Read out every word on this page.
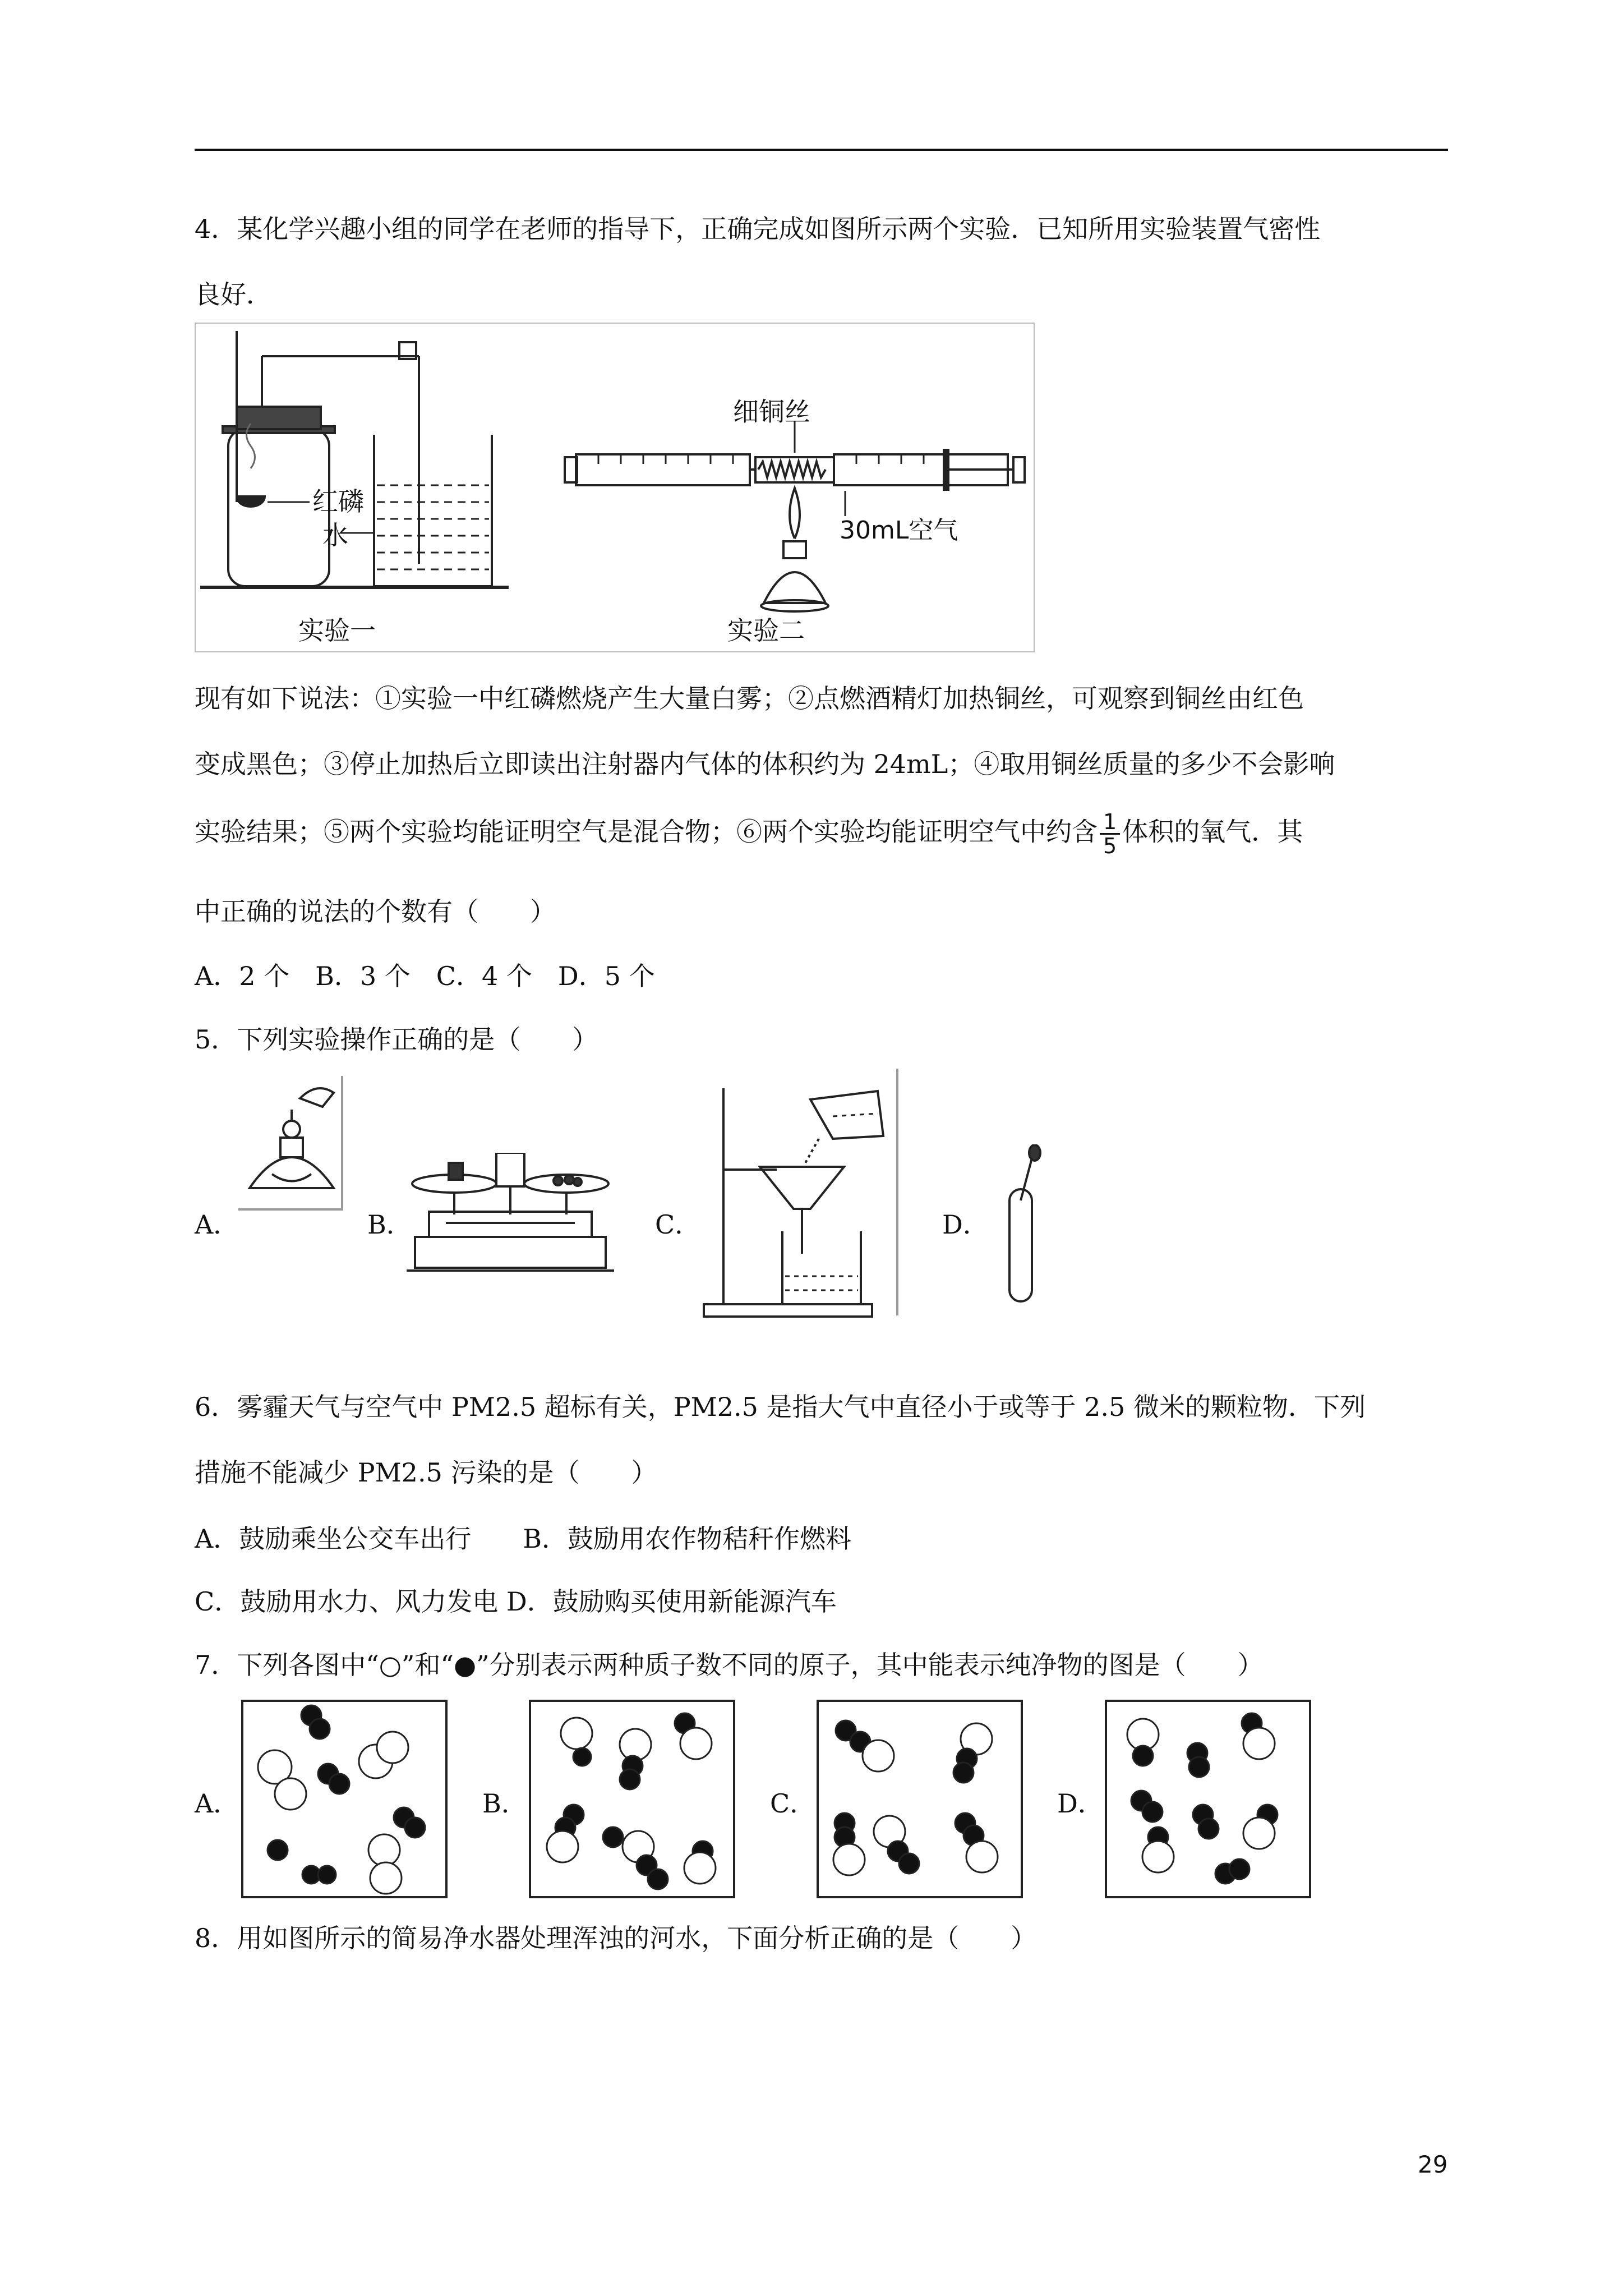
4．某化学兴趣小组的同学在老师的指导下，正确完成如图所示两个实验．已知所用实验装置气密性
良好．
红磷
水
实验一
细铜丝
30mL空气
实验二
现有如下说法：①实验一中红磷燃烧产生大量白雾；②点燃酒精灯加热铜丝，可观察到铜丝由红色
变成黑色；③停止加热后立即读出注射器内气体的体积约为 24mL；④取用铜丝质量的多少不会影响
实验结果；⑤两个实验均能证明空气是混合物；⑥两个实验均能证明空气中约含 $\frac{1}{5}$ 体积的氧气．其
中正确的说法的个数有（　　）
A．2 个　B．3 个　C．4 个　D．5 个
5．下列实验操作正确的是（　　）
A．	B．	C．	D．
6．雾霾天气与空气中 PM2.5 超标有关，PM2.5 是指大气中直径小于或等于 2.5 微米的颗粒物．下列
措施不能减少 PM2.5 污染的是（　　）
A．鼓励乘坐公交车出行　　B．鼓励用农作物秸秆作燃料
C．鼓励用水力、风力发电 D．鼓励购买使用新能源汽车
7．下列各图中“○”和“●”分别表示两种质子数不同的原子，其中能表示纯净物的图是（　　）
A．	B．	C．	D．
8．用如图所示的简易净水器处理浑浊的河水，下面分析正确的是（　　）
29
